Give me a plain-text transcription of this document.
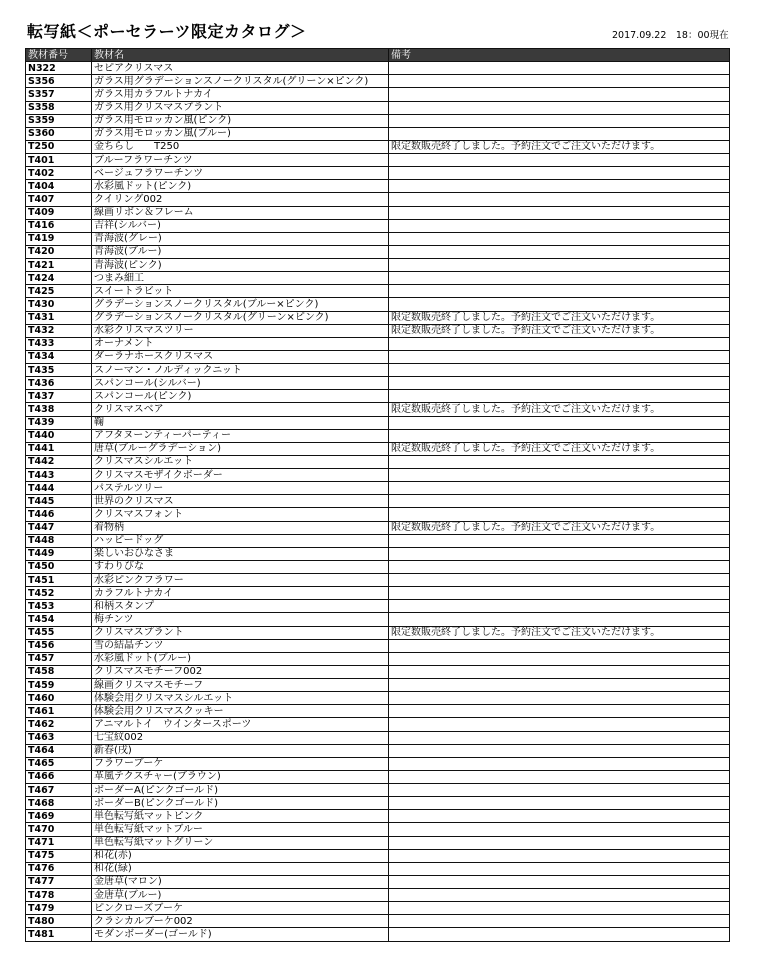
転写紙＜ポーセラーツ限定カタログ＞	2017.09.22　18：00現在
教材番号	教材名	備考
N322	セピアクリスマス	
S356	ガラス用グラデーションスノークリスタル(グリーン×ピンク)	
S357	ガラス用カラフルトナカイ	
S358	ガラス用クリスマスプラント	
S359	ガラス用モロッカン風(ピンク)	
S360	ガラス用モロッカン風(ブルー)	
T250	金ちらし　　T250	限定数販売終了しました。予約注文でご注文いただけます。
T401	ブルーフラワーチンツ	
T402	ベージュフラワーチンツ	
T404	水彩風ドット(ピンク)	
T407	クイリング002	
T409	線画リボン＆フレーム	
T416	吉祥(シルバー)	
T419	青海波(グレー)	
T420	青海波(ブルー)	
T421	青海波(ピンク)	
T424	つまみ細工	
T425	スイートラビット	
T430	グラデーションスノークリスタル(ブルー×ピンク)	
T431	グラデーションスノークリスタル(グリーン×ピンク)	限定数販売終了しました。予約注文でご注文いただけます。
T432	水彩クリスマスツリー	限定数販売終了しました。予約注文でご注文いただけます。
T433	オーナメント	
T434	ダーラナホースクリスマス	
T435	スノーマン・ノルディックニット	
T436	スパンコール(シルバー)	
T437	スパンコール(ピンク)	
T438	クリスマスベア	限定数販売終了しました。予約注文でご注文いただけます。
T439	鞠	
T440	アフタヌーンティーパーティー	
T441	唐草(ブルーグラデーション)	限定数販売終了しました。予約注文でご注文いただけます。
T442	クリスマスシルエット	
T443	クリスマスモザイクボーダー	
T444	パステルツリー	
T445	世界のクリスマス	
T446	クリスマスフォント	
T447	着物柄	限定数販売終了しました。予約注文でご注文いただけます。
T448	ハッピードッグ	
T449	楽しいおひなさま	
T450	すわりびな	
T451	水彩ピンクフラワー	
T452	カラフルトナカイ	
T453	和柄スタンプ	
T454	梅チンツ	
T455	クリスマスプラント	限定数販売終了しました。予約注文でご注文いただけます。
T456	雪の結晶チンツ	
T457	水彩風ドット(ブルー)	
T458	クリスマスモチーフ002	
T459	線画クリスマスモチーフ	
T460	体験会用クリスマスシルエット	
T461	体験会用クリスマスクッキー	
T462	アニマルトイ　ウインタースポーツ	
T463	七宝紋002	
T464	新春(戌)	
T465	フラワーブーケ	
T466	革風テクスチャー(ブラウン)	
T467	ボーダーA(ピンクゴールド)	
T468	ボーダーB(ピンクゴールド)	
T469	単色転写紙マットピンク	
T470	単色転写紙マットブルー	
T471	単色転写紙マットグリーン	
T475	和花(赤)	
T476	和花(緑)	
T477	金唐草(マロン)	
T478	金唐草(ブルー)	
T479	ピンクローズブーケ	
T480	クラシカルブーケ002	
T481	モダンボーダー(ゴールド)	
